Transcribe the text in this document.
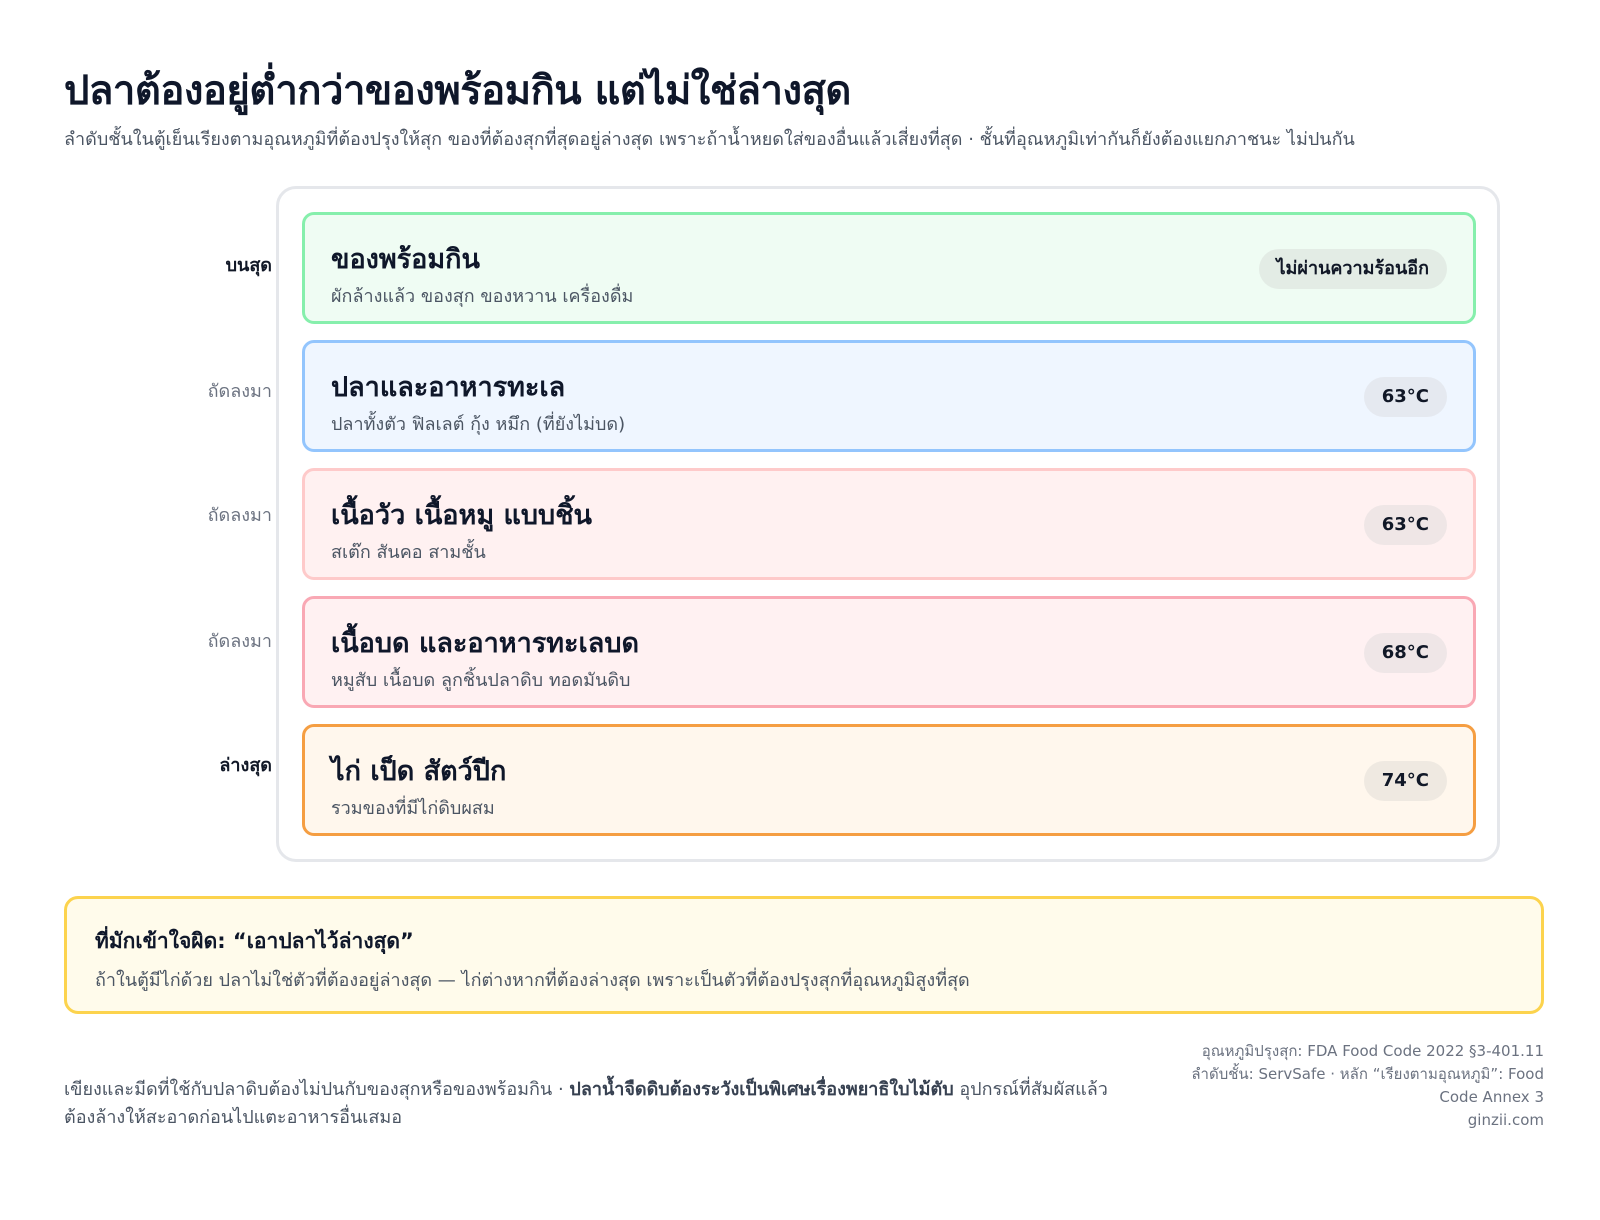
ปลาต้องอยู่ต่ำกว่าของพร้อมกิน แต่ไม่ใช่ล่างสุด
ลำดับชั้นในตู้เย็นเรียงตามอุณหภูมิที่ต้องปรุงให้สุก ของที่ต้องสุกที่สุดอยู่ล่างสุด เพราะถ้าน้ำหยดใส่ของอื่นแล้วเสี่ยงที่สุด · ชั้นที่อุณหภูมิเท่ากันก็ยังต้องแยกภาชนะ ไม่ปนกัน
บนสุด
ถัดลงมา
ถัดลงมา
ถัดลงมา
ล่างสุด
ของพร้อมกิน
ผักล้างแล้ว ของสุก ของหวาน เครื่องดื่ม
ไม่ผ่านความร้อนอีก
ปลาและอาหารทะเล
ปลาทั้งตัว ฟิลเลต์ กุ้ง หมึก (ที่ยังไม่บด)
63°C
เนื้อวัว เนื้อหมู แบบชิ้น
สเต๊ก สันคอ สามชั้น
63°C
เนื้อบด และอาหารทะเลบด
หมูสับ เนื้อบด ลูกชิ้นปลาดิบ ทอดมันดิบ
68°C
ไก่ เป็ด สัตว์ปีก
รวมของที่มีไก่ดิบผสม
74°C
ที่มักเข้าใจผิด: “เอาปลาไว้ล่างสุด”
ถ้าในตู้มีไก่ด้วย ปลาไม่ใช่ตัวที่ต้องอยู่ล่างสุด — ไก่ต่างหากที่ต้องล่างสุด เพราะเป็นตัวที่ต้องปรุงสุกที่อุณหภูมิสูงที่สุด
เขียงและมีดที่ใช้กับปลาดิบต้องไม่ปนกับของสุกหรือของพร้อมกิน · ปลาน้ำจืดดิบต้องระวังเป็นพิเศษเรื่องพยาธิใบไม้ตับ อุปกรณ์ที่สัมผัสแล้วต้องล้างให้สะอาดก่อนไปแตะอาหารอื่นเสมอ
อุณหภูมิปรุงสุก: FDA Food Code 2022 §3-401.11
ลำดับชั้น: ServSafe · หลัก “เรียงตามอุณหภูมิ”: Food Code Annex 3
ginzii.com
